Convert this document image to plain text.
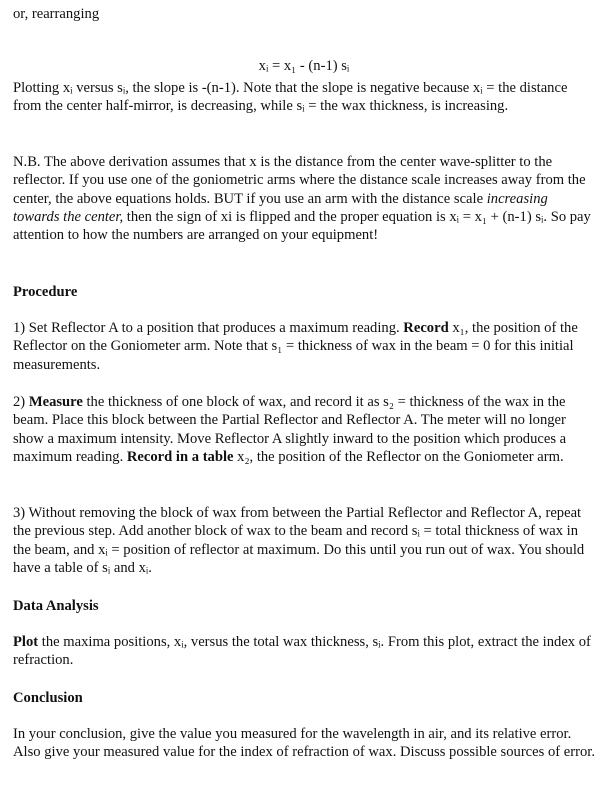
or, rearranging

xᵢ = x₁ - (n-1) sᵢ

Plotting xᵢ versus sᵢ, the slope is -(n-1). Note that the slope is negative because xᵢ = the distance from the center half-mirror, is decreasing, while sᵢ = the wax thickness, is increasing.

N.B. The above derivation assumes that x is the distance from the center wave-splitter to the reflector. If you use one of the goniometric arms where the distance scale increases away from the center, the above equations holds. BUT if you use an arm with the distance scale increasing towards the center, then the sign of xi is flipped and the proper equation is xᵢ = x₁ + (n-1) sᵢ. So pay attention to how the numbers are arranged on your equipment!

Procedure

1) Set Reflector A to a position that produces a maximum reading. Record x₁, the position of the Reflector on the Goniometer arm. Note that s₁ = thickness of wax in the beam = 0 for this initial measurements.

2) Measure the thickness of one block of wax, and record it as s₂ = thickness of the wax in the beam. Place this block between the Partial Reflector and Reflector A. The meter will no longer show a maximum intensity. Move Reflector A slightly inward to the position which produces a maximum reading. Record in a table x₂, the position of the Reflector on the Goniometer arm.

3) Without removing the block of wax from between the Partial Reflector and Reflector A, repeat the previous step. Add another block of wax to the beam and record sᵢ = total thickness of wax in the beam, and xᵢ = position of reflector at maximum. Do this until you run out of wax. You should have a table of sᵢ and xᵢ.

Data Analysis

Plot the maxima positions, xᵢ, versus the total wax thickness, sᵢ. From this plot, extract the index of refraction.

Conclusion

In your conclusion, give the value you measured for the wavelength in air, and its relative error. Also give your measured value for the index of refraction of wax. Discuss possible sources of error.
